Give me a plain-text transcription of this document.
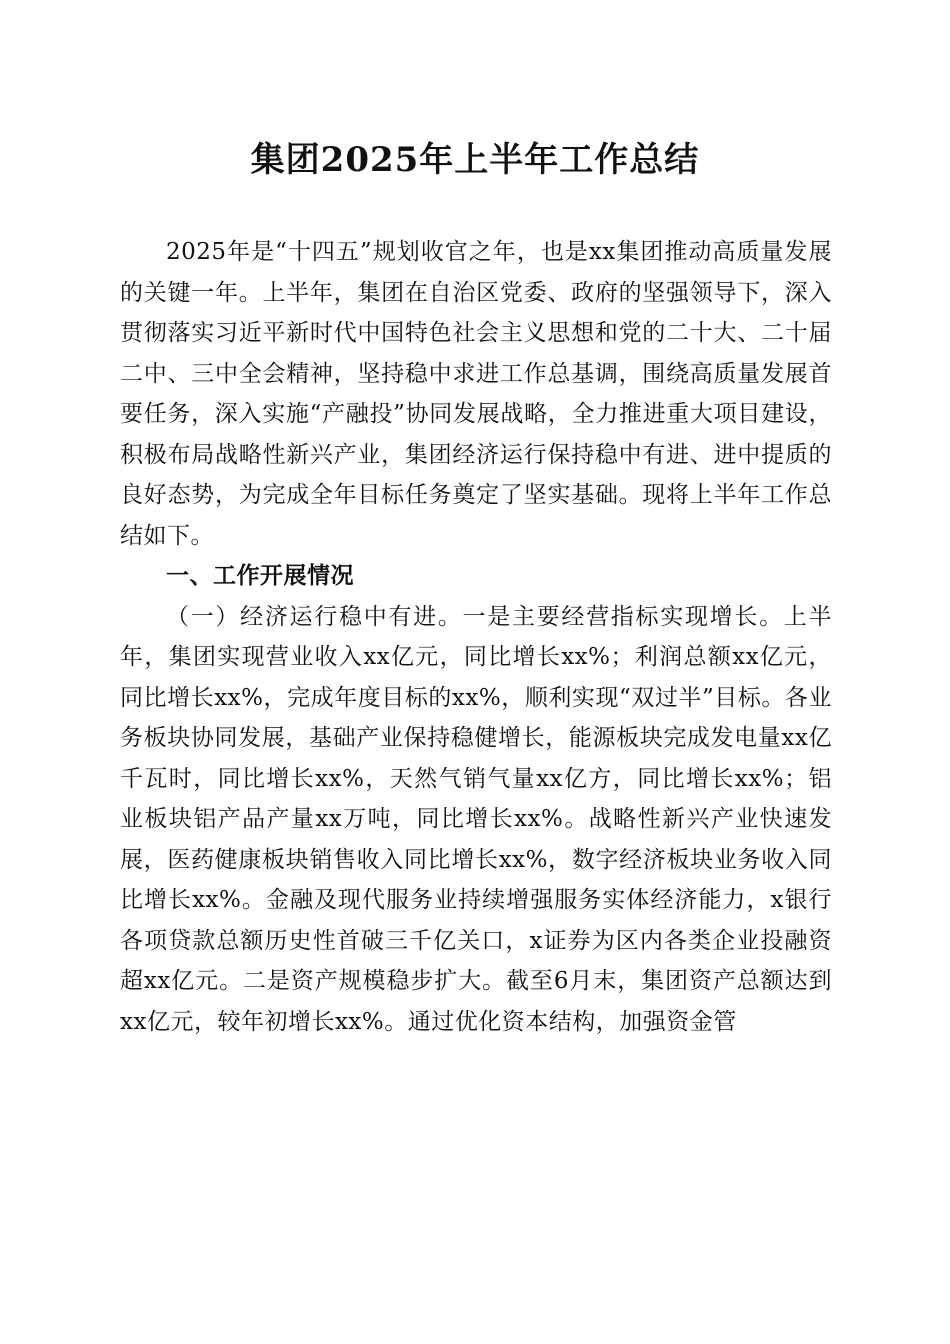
集团2025年上半年工作总结

2025年是“十四五”规划收官之年，也是xx集团推动高质量发展的关键一年。上半年，集团在自治区党委、政府的坚强领导下，深入贯彻落实习近平新时代中国特色社会主义思想和党的二十大、二十届二中、三中全会精神，坚持稳中求进工作总基调，围绕高质量发展首要任务，深入实施“产融投”协同发展战略，全力推进重大项目建设，积极布局战略性新兴产业，集团经济运行保持稳中有进、进中提质的良好态势，为完成全年目标任务奠定了坚实基础。现将上半年工作总结如下。

一、工作开展情况

（一）经济运行稳中有进。一是主要经营指标实现增长。上半年，集团实现营业收入xx亿元，同比增长xx%；利润总额xx亿元，同比增长xx%，完成年度目标的xx%，顺利实现“双过半”目标。各业务板块协同发展，基础产业保持稳健增长，能源板块完成发电量xx亿千瓦时，同比增长xx%，天然气销气量xx亿方，同比增长xx%；铝业板块铝产品产量xx万吨，同比增长xx%。战略性新兴产业快速发展，医药健康板块销售收入同比增长xx%，数字经济板块业务收入同比增长xx%。金融及现代服务业持续增强服务实体经济能力，x银行各项贷款总额历史性首破三千亿关口，x证券为区内各类企业投融资超xx亿元。二是资产规模稳步扩大。截至6月末，集团资产总额达到xx亿元，较年初增长xx%。通过优化资本结构，加强资金管
